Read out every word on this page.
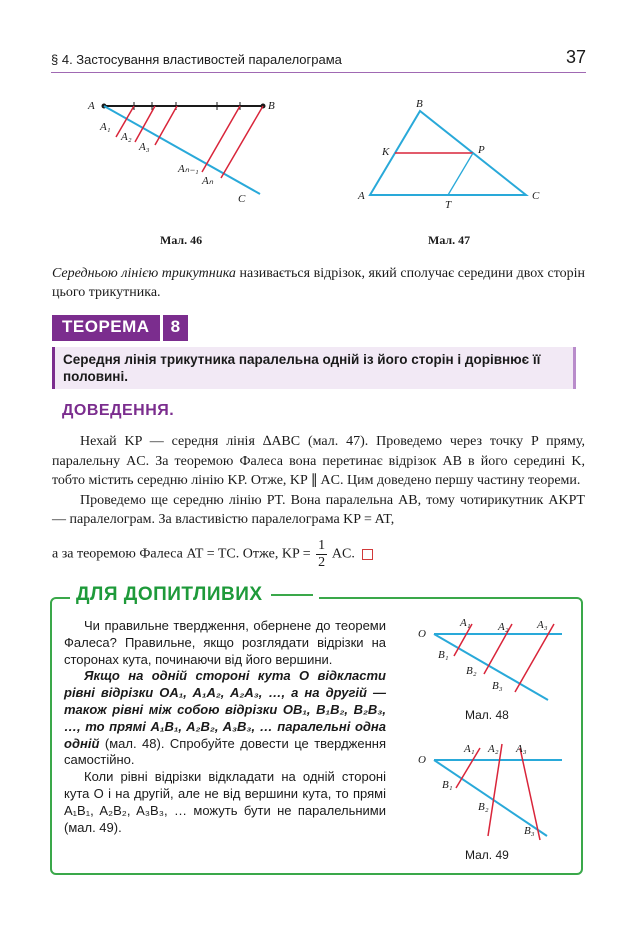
§ 4. Застосування властивостей паралелограма	37
A	B
C
A₁
A₂
A₃
Aₙ₋₁
Aₙ
Мал. 46
B
A	C
K	P
T
Мал. 47
Середньою лінією трикутника називається відрізок, який сполучає середини двох сторін цього трикутника.
ТЕОРЕМА	8
Середня лінія трикутника паралельна одній із його сторін і дорівнює її половині.
ДОВЕДЕННЯ.

Нехай KP — середня лінія ∆ABC (мал. 47). Проведемо через точку P пряму, паралельну AC. За теоремою Фалеса вона перетинає відрізок AB в його середині K, тобто містить середню лінію KP. Отже, KP ∥ AC. Цим доведено першу частину теореми.

Проведемо ще середню лінію PT. Вона паралельна AB, тому чотирикутник AKPT — паралелограм. За властивістю паралелограма KP = AT,

а за теоремою Фалеса AT = TC. Отже, KP = $\frac{1}{2}$ AC.
ДЛЯ ДОПИТЛИВИХ

Чи правильне твердження, обернене до теореми Фалеса? Правильне, якщо розглядати відрізки на сторонах кута, починаючи від його вершини.

Якщо на одній стороні кута O відкласти рівні відрізки OA₁, A₁A₂, A₂A₃, …, а на другій — також рівні між собою відрізки OB₁, B₁B₂, B₂B₃, …, то прямі A₁B₁, A₂B₂, A₃B₃, … паралельні одна одній (мал. 48). Спробуйте довести це твердження самостійно.

Коли рівні відрізки відкладати на одній стороні кута O і на другій, але не від вершини кута, то прямі A₁B₁, A₂B₂, A₃B₃, … можуть бути не паралельними (мал. 49).

O
A₁ A₂	A₃
B₁
B₂
B₃
Мал. 48
O
A₁ A₂ A₃
B₁
B₂
B₃
Мал. 49
